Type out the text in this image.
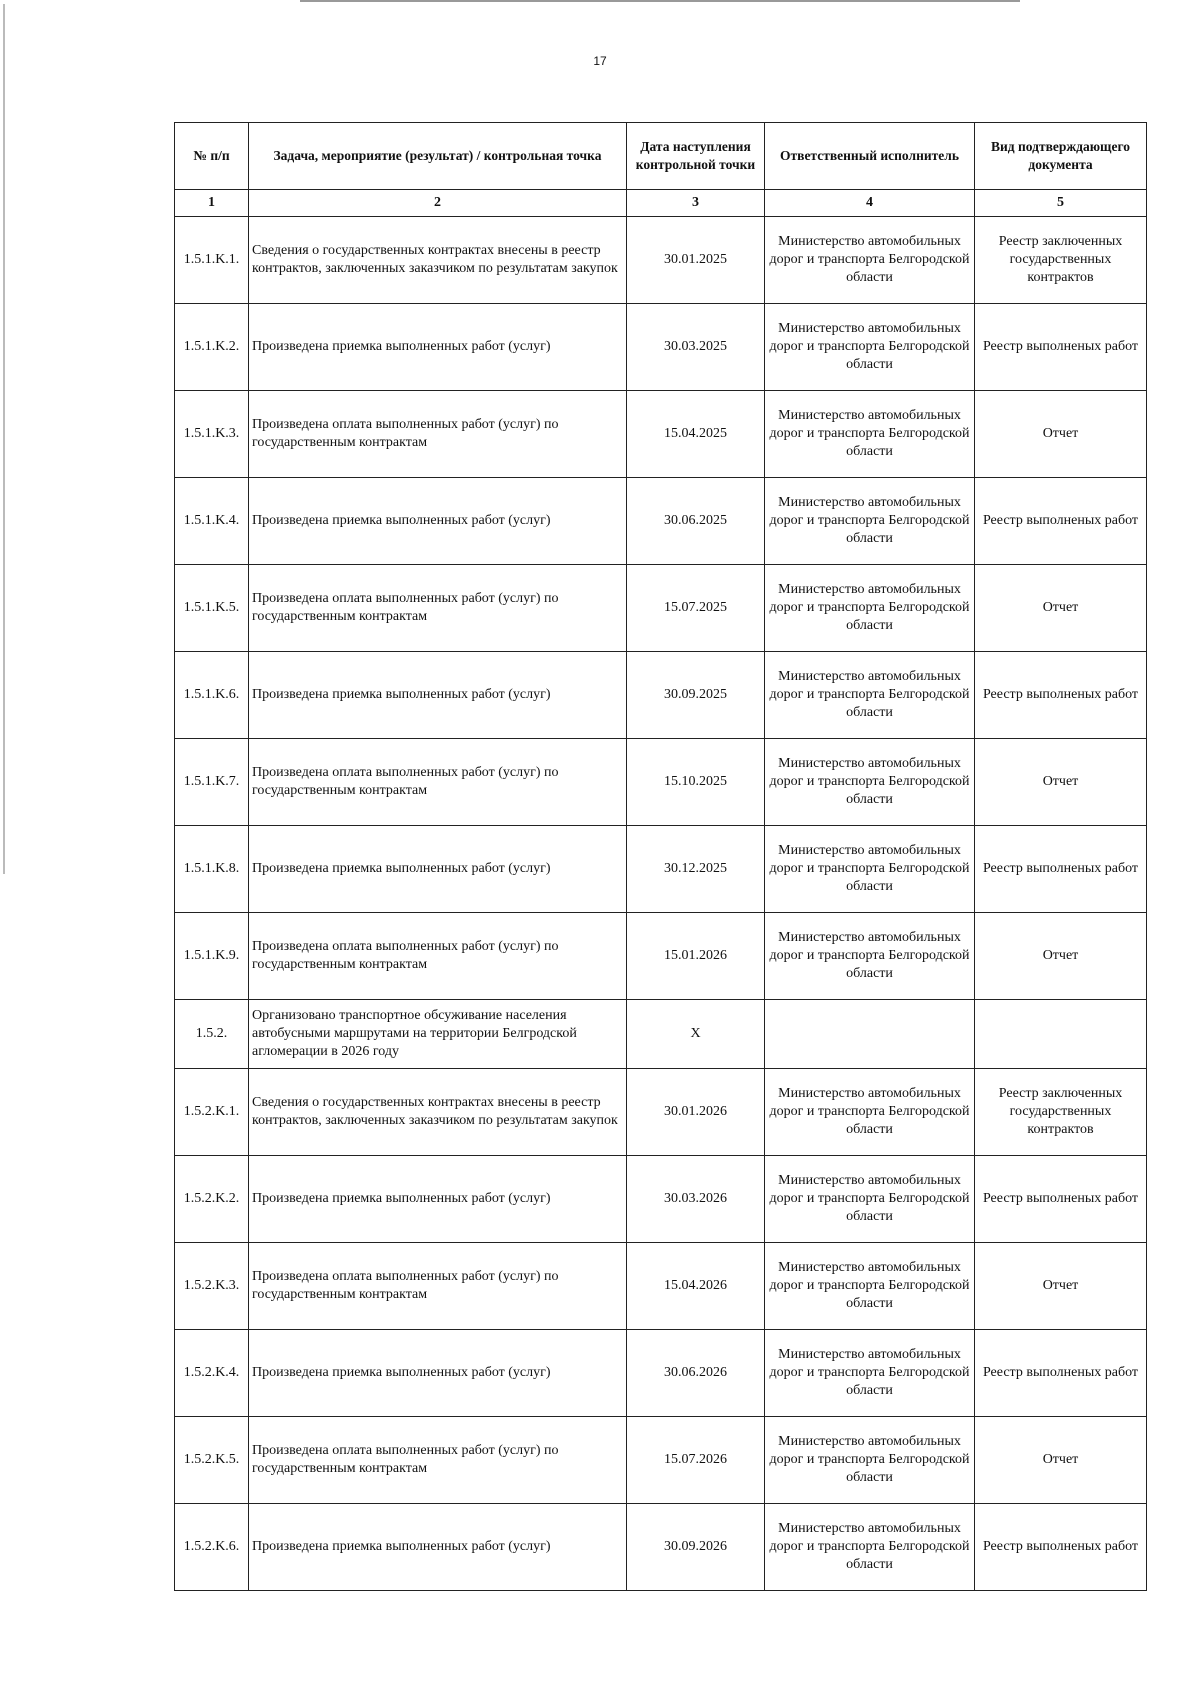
17
№ п/п	Задача, мероприятие (результат) / контрольная точка	Дата наступления контрольной точки	Ответственный исполнитель	Вид подтверждающего документа
1	2	3	4	5
1.5.1.K.1.	Сведения о государственных контрактах внесены в реестр контрактов, заключенных заказчиком по результатам закупок	30.01.2025	Министерство автомобильных дорог и транспорта Белгородской области	Реестр заключенных государственных контрактов
1.5.1.K.2.	Произведена приемка выполненных работ (услуг)	30.03.2025	Министерство автомобильных дорог и транспорта Белгородской области	Реестр выполненых работ
1.5.1.K.3.	Произведена оплата выполненных работ (услуг) по государственным контрактам	15.04.2025	Министерство автомобильных дорог и транспорта Белгородской области	Отчет
1.5.1.K.4.	Произведена приемка выполненных работ (услуг)	30.06.2025	Министерство автомобильных дорог и транспорта Белгородской области	Реестр выполненых работ
1.5.1.K.5.	Произведена оплата выполненных работ (услуг) по государственным контрактам	15.07.2025	Министерство автомобильных дорог и транспорта Белгородской области	Отчет
1.5.1.K.6.	Произведена приемка выполненных работ (услуг)	30.09.2025	Министерство автомобильных дорог и транспорта Белгородской области	Реестр выполненых работ
1.5.1.K.7.	Произведена оплата выполненных работ (услуг) по государственным контрактам	15.10.2025	Министерство автомобильных дорог и транспорта Белгородской области	Отчет
1.5.1.K.8.	Произведена приемка выполненных работ (услуг)	30.12.2025	Министерство автомобильных дорог и транспорта Белгородской области	Реестр выполненых работ
1.5.1.K.9.	Произведена оплата выполненных работ (услуг) по государственным контрактам	15.01.2026	Министерство автомобильных дорог и транспорта Белгородской области	Отчет
1.5.2.	Организовано транспортное обсуживание населения автобусными маршрутами на территории Белгродской агломерации в 2026 году	X		
1.5.2.K.1.	Сведения о государственных контрактах внесены в реестр контрактов, заключенных заказчиком по результатам закупок	30.01.2026	Министерство автомобильных дорог и транспорта Белгородской области	Реестр заключенных государственных контрактов
1.5.2.K.2.	Произведена приемка выполненных работ (услуг)	30.03.2026	Министерство автомобильных дорог и транспорта Белгородской области	Реестр выполненых работ
1.5.2.K.3.	Произведена оплата выполненных работ (услуг) по государственным контрактам	15.04.2026	Министерство автомобильных дорог и транспорта Белгородской области	Отчет
1.5.2.K.4.	Произведена приемка выполненных работ (услуг)	30.06.2026	Министерство автомобильных дорог и транспорта Белгородской области	Реестр выполненых работ
1.5.2.K.5.	Произведена оплата выполненных работ (услуг) по государственным контрактам	15.07.2026	Министерство автомобильных дорог и транспорта Белгородской области	Отчет
1.5.2.K.6.	Произведена приемка выполненных работ (услуг)	30.09.2026	Министерство автомобильных дорог и транспорта Белгородской области	Реестр выполненых работ
